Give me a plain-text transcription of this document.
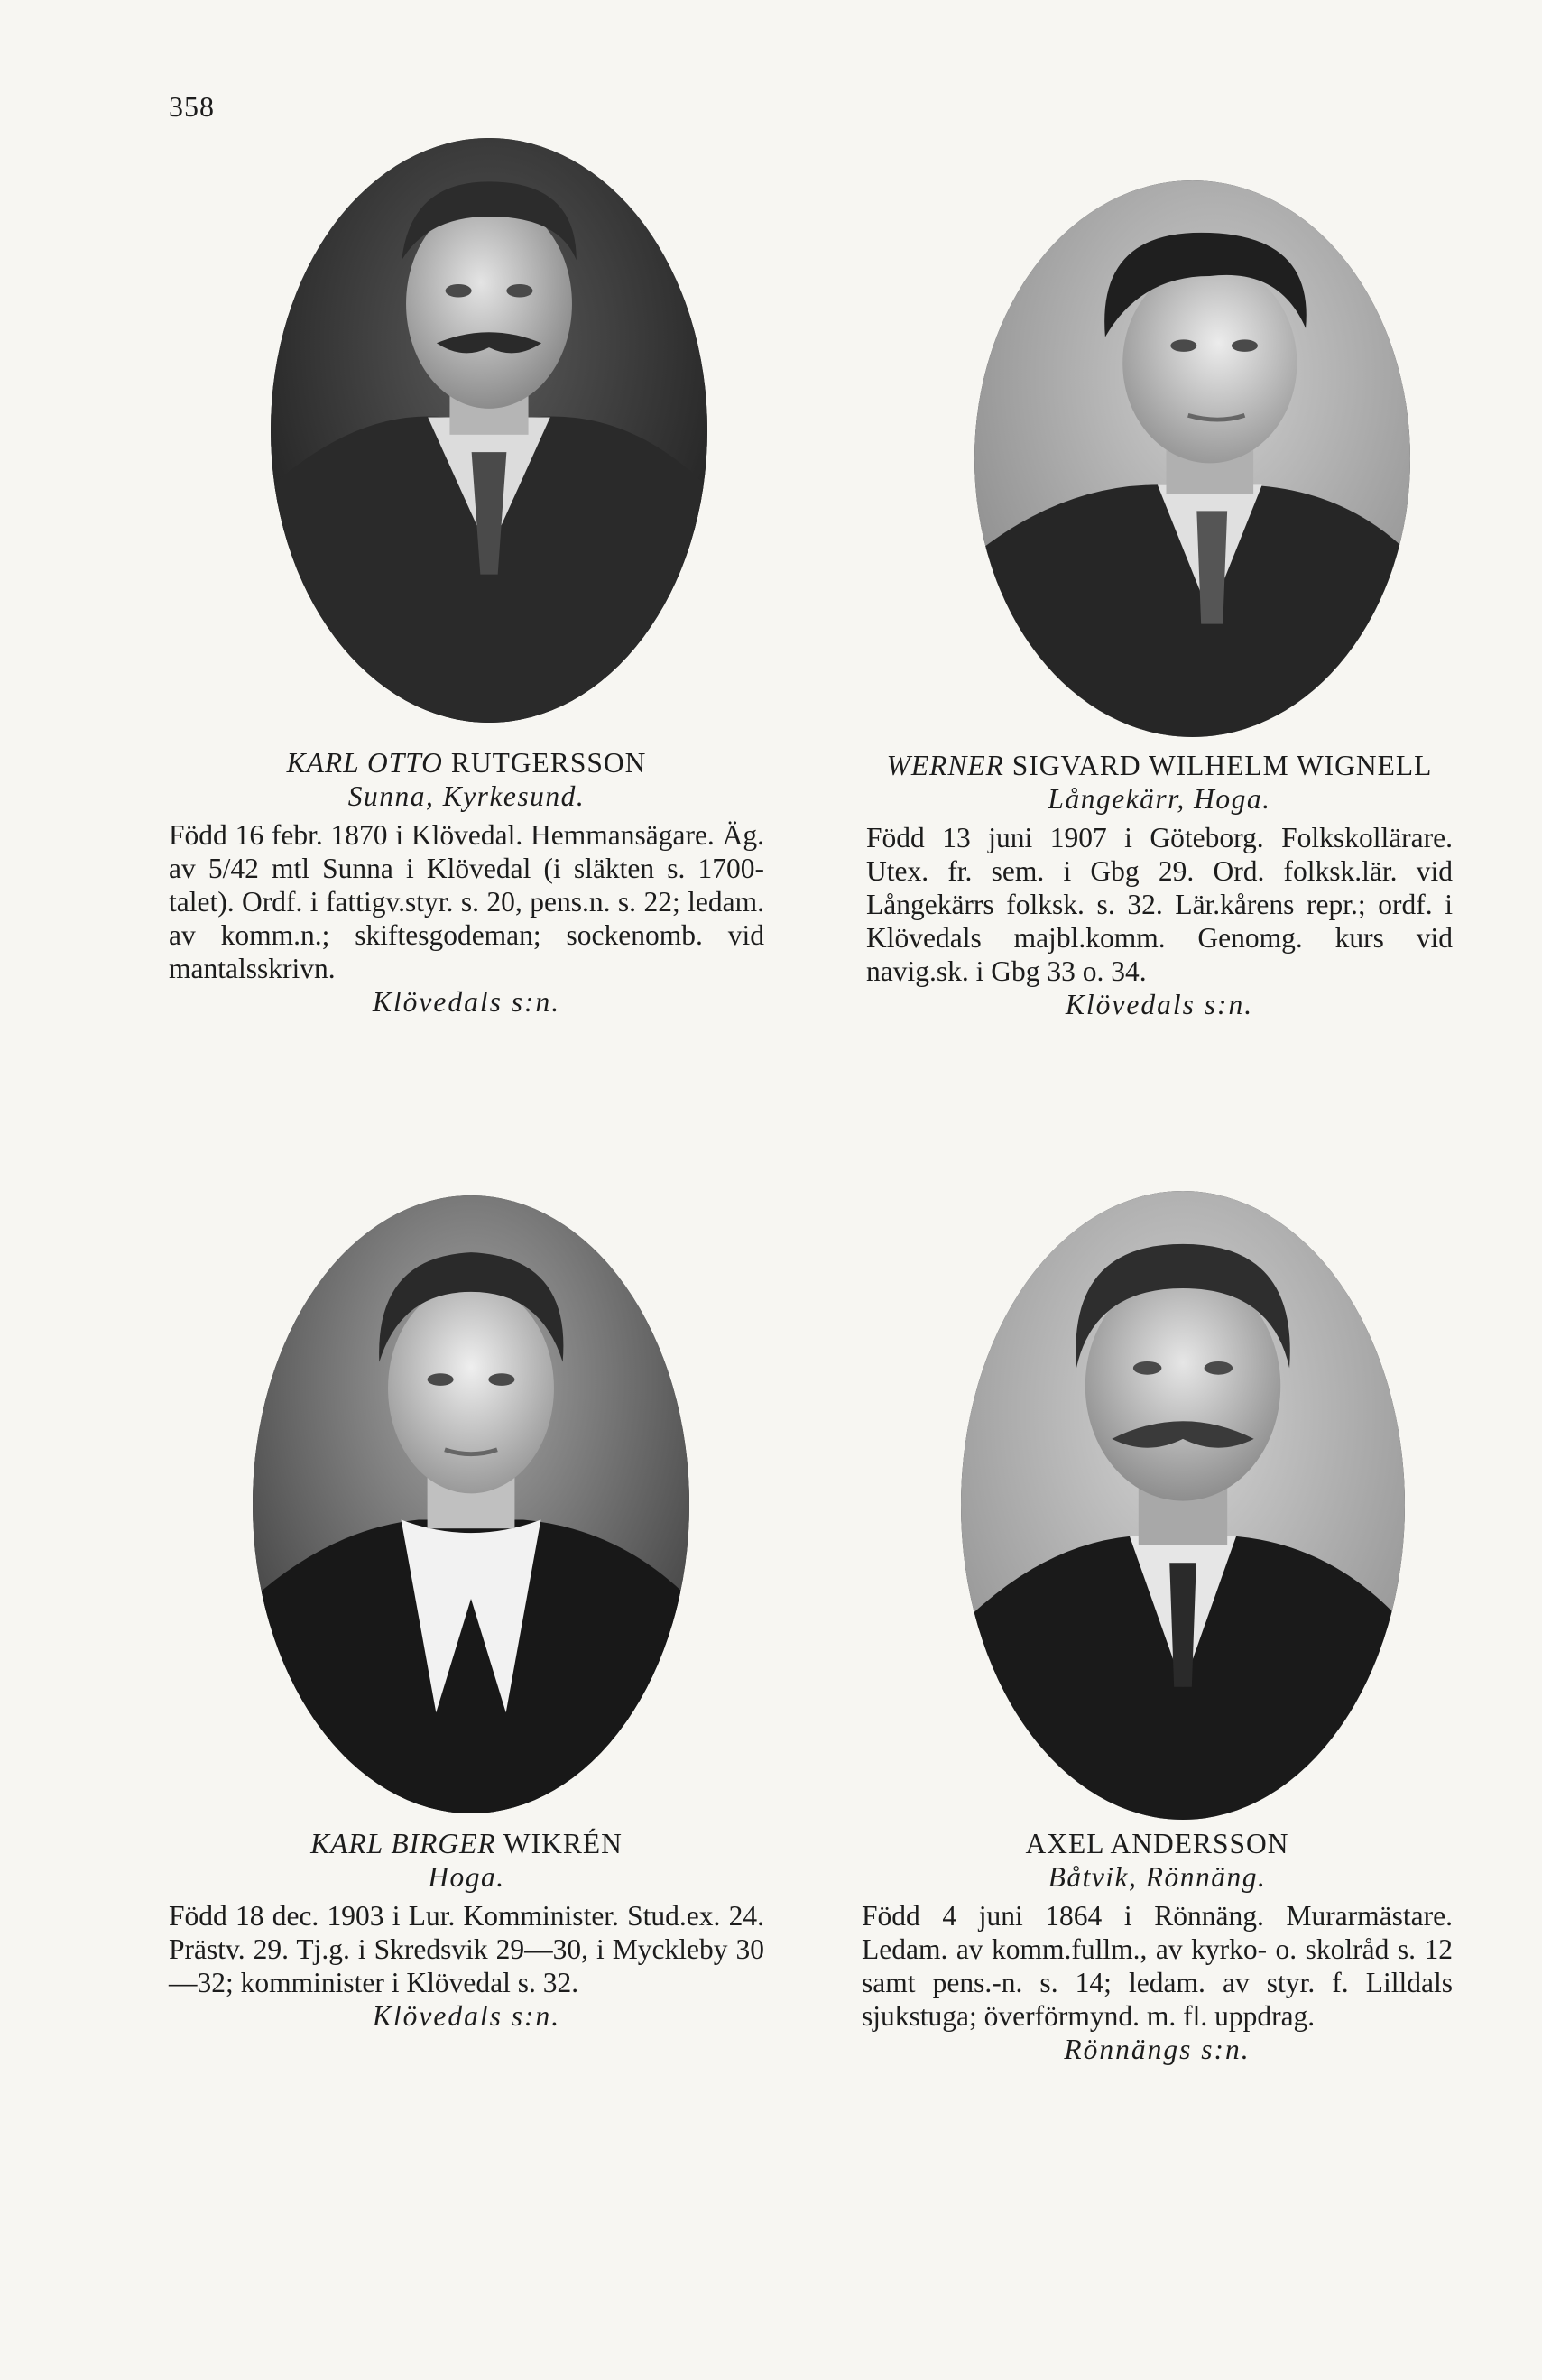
358
KARL OTTO RUTGERSSON
Sunna, Kyrkesund.
Född 16 febr. 1870 i Klövedal. Hemmansägare. Äg. av 5/42 mtl Sunna i Klövedal (i släkten s. 1700-talet). Ordf. i fattigv.styr. s. 20, pens.n. s. 22; ledam. av komm.n.; skiftesgodeman; sockenomb. vid mantalsskrivn.
Klövedals s:n.
WERNER SIGVARD WILHELM WIGNELL
Långekärr, Hoga.
Född 13 juni 1907 i Göteborg. Folkskollärare. Utex. fr. sem. i Gbg 29. Ord. folksk.lär. vid Långekärrs folksk. s. 32. Lär.kårens repr.; ordf. i Klövedals majbl.komm. Genomg. kurs vid navig.sk. i Gbg 33 o. 34.
Klövedals s:n.
KARL BIRGER WIKRÉN
Hoga.
Född 18 dec. 1903 i Lur. Komminister. Stud.ex. 24. Prästv. 29. Tj.g. i Skredsvik 29—30, i Myckleby 30—32; komminister i Klövedal s. 32.
Klövedals s:n.
AXEL ANDERSSON
Båtvik, Rönnäng.
Född 4 juni 1864 i Rönnäng. Murarmästare. Ledam. av komm.fullm., av kyrko- o. skolråd s. 12 samt pens.-n. s. 14; ledam. av styr. f. Lilldals sjukstuga; överförmynd. m. fl. uppdrag.
Rönnängs s:n.
